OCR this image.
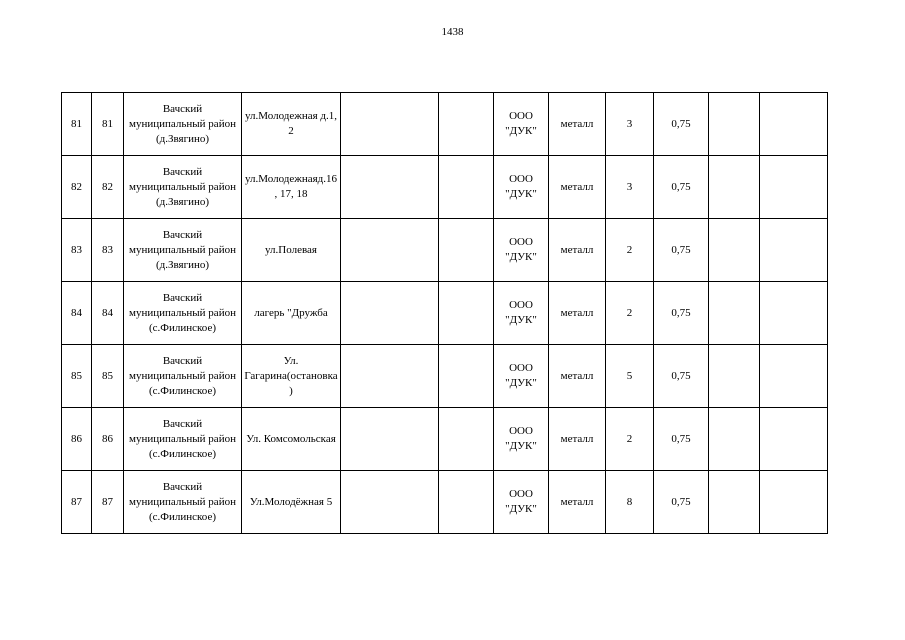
1438
81	81	Вачский муниципальный район (д.Звягино)	ул.Молодежная д.1, 2			ООО "ДУК"	металл	3	0,75		
82	82	Вачский муниципальный район (д.Звягино)	ул.Молодежнаяд.16, 17, 18			ООО "ДУК"	металл	3	0,75		
83	83	Вачский муниципальный район (д.Звягино)	ул.Полевая			ООО "ДУК"	металл	2	0,75		
84	84	Вачский муниципальный район (с.Филинское)	лагерь "Дружба			ООО "ДУК"	металл	2	0,75		
85	85	Вачский муниципальный район (с.Филинское)	Ул. Гагарина(остановка)			ООО "ДУК"	металл	5	0,75		
86	86	Вачский муниципальный район (с.Филинское)	Ул. Комсомольская			ООО "ДУК"	металл	2	0,75		
87	87	Вачский муниципальный район (с.Филинское)	Ул.Молодёжная 5			ООО "ДУК"	металл	8	0,75		
